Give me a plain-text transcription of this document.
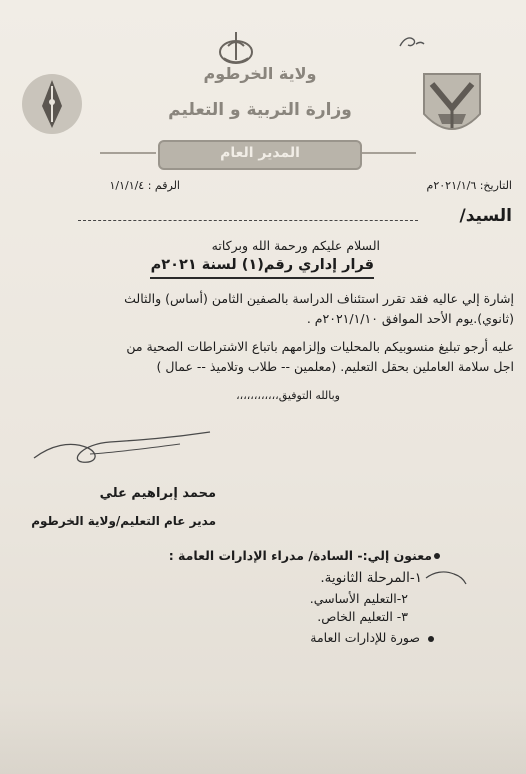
ولاية الخرطوم
وزارة التربية و التعليم
المدير العام
التاريخ: ٢٠٢١/١/٦م
الرقم : ١/١/١/٤
السيد/
السلام عليكم ورحمة الله وبركاته
قرار إداري رقم(١) لسنة ٢٠٢١م
إشارة إلي عاليه فقد تقرر استئناف الدراسة بالصفين الثامن (أساس) والثالث
(ثانوي).يوم الأحد الموافق ٢٠٢١/١/١٠م .
عليه أرجو تبليغ منسوبيكم بالمحليات وإلزامهم باتباع الاشتراطات الصحية من
اجل سلامة العاملين بحقل التعليم. (معلمين -- طلاب وتلاميذ -- عمال )
وبالله التوفيق،،،،،،،،،،،،
محمد إبراهيم علي
مدير عام التعليم/ولاية الخرطوم
معنون إلي:- السادة/ مدراء الإدارات العامة :
١-المرحلة الثانوية.
٢-التعليم الأساسي.
٣- التعليم الخاص.
صورة للإدارات العامة
